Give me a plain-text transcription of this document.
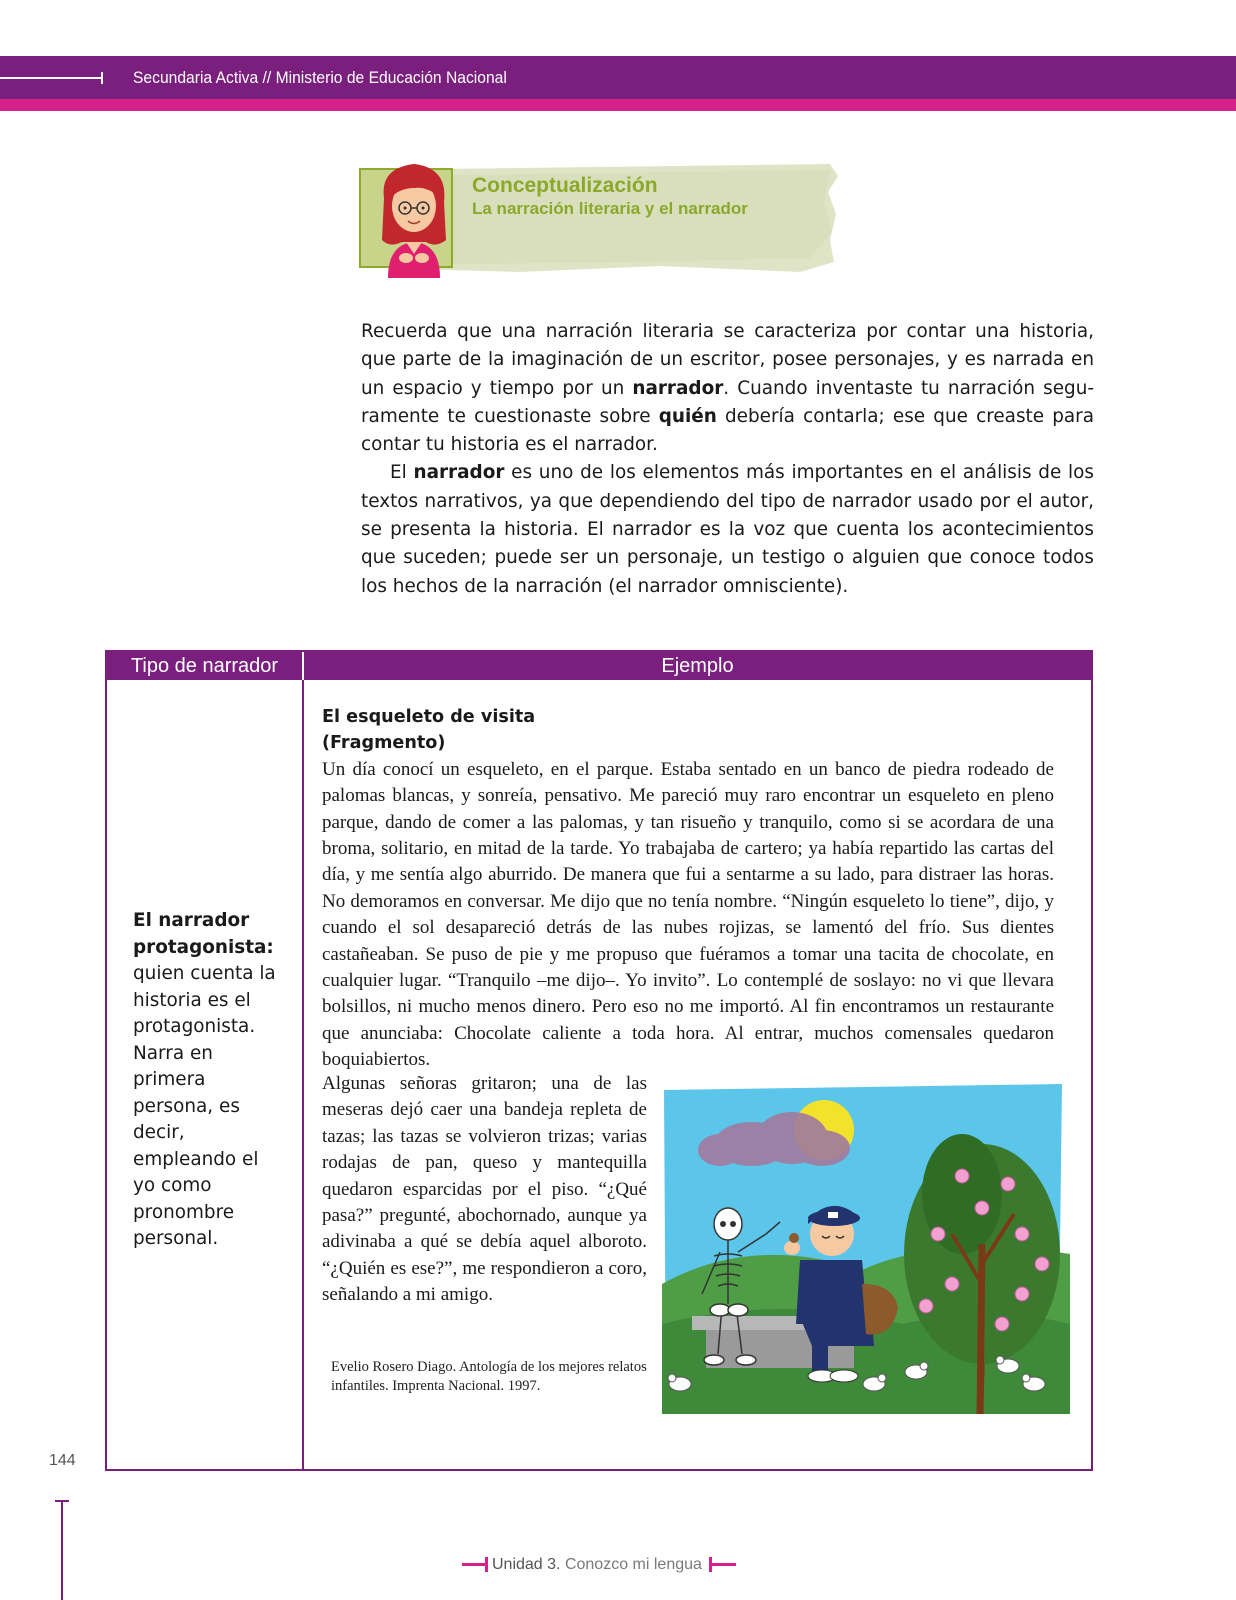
Secundaria Activa // Ministerio de Educación Nacional
Conceptualización
La narración literaria y el narrador

Recuerda que una narración literaria se caracteriza por contar una historia, que parte de la imaginación de un escritor, posee personajes, y es narrada en un espacio y tiempo por un narrador. Cuando inventaste tu narración seguramente te cuestionaste sobre quién debería contarla; ese que creaste para contar tu historia es el narrador.

El narrador es uno de los elementos más importantes en el análisis de los textos narrativos, ya que dependiendo del tipo de narrador usado por el autor, se presenta la historia. El narrador es la voz que cuenta los acontecimientos que suceden; puede ser un personaje, un testigo o alguien que conoce todos los hechos de la narración (el narrador omnisciente).

Tipo de narrador	Ejemplo
El narrador protagonista:
quien cuenta la historia es el protagonista. Narra en primera persona, es decir, empleando el yo como pronombre personal.
El esqueleto de visita
(Fragmento)

Un día conocí un esqueleto, en el parque. Estaba sentado en un banco de piedra rodeado de palomas blancas, y sonreía, pensativo. Me pareció muy raro encontrar un esqueleto en pleno parque, dando de comer a las palomas, y tan risueño y tranquilo, como si se acordara de una broma, solitario, en mitad de la tarde. Yo trabajaba de cartero; ya había repartido las cartas del día, y me sentía algo aburrido. De manera que fui a sentarme a su lado, para distraer las horas. No demoramos en conversar. Me dijo que no tenía nombre. “Ningún esqueleto lo tiene”, dijo, y cuando el sol desapareció detrás de las nubes rojizas, se lamentó del frío. Sus dientes castañeaban. Se puso de pie y me propuso que fuéramos a tomar una tacita de chocolate, en cualquier lugar. “Tranquilo –me dijo–. Yo invito”. Lo contemplé de soslayo: no vi que llevara bolsillos, ni mucho menos dinero. Pero eso no me importó. Al fin encontramos un restaurante que anunciaba: Chocolate caliente a toda hora. Al entrar, muchos comensales quedaron boquiabiertos.

Algunas señoras gritaron; una de las meseras dejó caer una bandeja repleta de tazas; las tazas se volvieron trizas; varias rodajas de pan, queso y mantequilla quedaron esparcidas por el piso. “¿Qué pasa?” pregunté, abochornado, aunque ya adivinaba a qué se debía aquel alboroto. “¿Quién es ese?”, me respondieron a coro, señalando a mi amigo.

Evelio Rosero Diago. Antología de los mejores relatos infantiles. Imprenta Nacional. 1997.
144
Unidad 3. Conozco mi lengua
